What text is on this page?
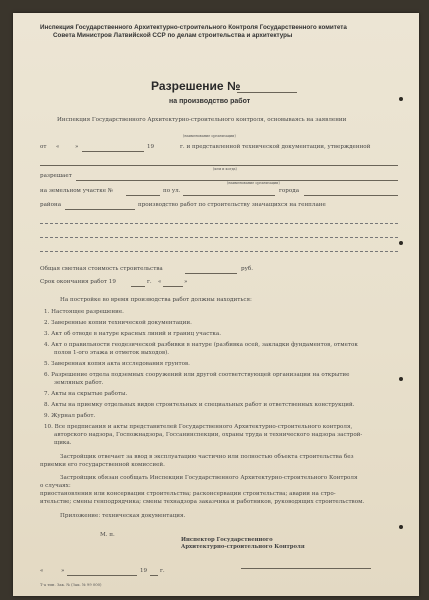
Инспекция Государственного Архитектурно-строительного Контроля Государственного комитета
Совета Министров Латвийской ССР по делам строительства и архитектуры
Разрешение №
на производство работ
Инспекция Государственного Архитектурно-строительного контроля, основываясь на заявлении
(наименование организации)
от «	»	19	г. и представленной технической документации, утвержденной
(кем и когда)
разрешает
(наименование организации)
на земельном участке №	по ул.	города
района	производство работ по строительству значащихся на генплане
Общая сметная стоимость строительства	руб.
Срок окончания работ 19	г. «	»
На постройке во время производства работ должны находиться:
1. Настоящее разрешение.
2. Заверенные копии технической документации.
3. Акт об отводе в натуре красных линий и границ участка.
4. Акт о правильности геодезической разбивки в натуре (разбивка осей, закладки фундаментов, отметок
полов 1-ого этажа и отметок выходов).
5. Заверенная копия акта исследования грунтов.
6. Разрешение отдела подземных сооружений или другой соответствующей организации на открытие
земляных работ.
7. Акты на скрытые работы.
8. Акты на приемку отдельных видов строительных и специальных работ и ответственных конструкций.
9. Журнал работ.
10. Все предписания и акты представителей Государственного Архитектурно-строительного контроля,
авторского надзора, Госпожнадзора, Госсанинспекции, охраны труда и технического надзора застрой-
щика.
Застройщик отвечает за ввод в эксплуатацию частично или полностью объекта строительства без
приемки его государственной комиссией.
Застройщик обязан сообщать Инспекции Государственного Архитектурно-строительного Контроля
о случаях:
приостановления или консервации строительства; расконсервации строительства; аварии на стро-
ительстве; смены генподрядчика; смены технадзора заказчика и работников, руководящих строительством.
Приложение: техническая документация.
М. п.
Инспектор Государственного
Архитектурно-строительного Контроля
«	»	19 г.
Т-а тип. Зак. № (Зак. № 99 000)
